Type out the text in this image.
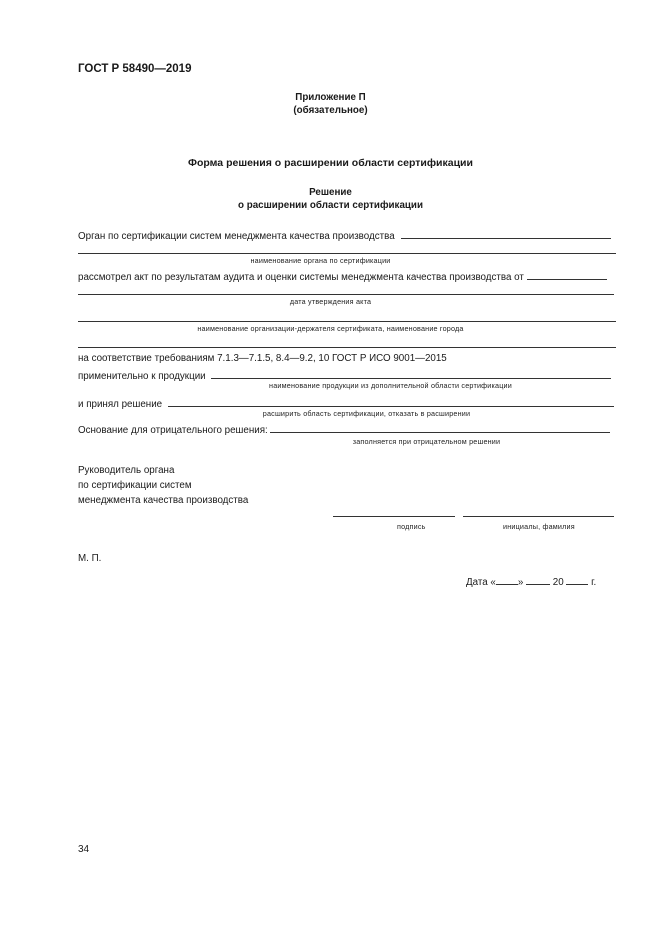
ГОСТ Р 58490—2019
Приложение П
(обязательное)
Форма решения о расширении области сертификации
Решение
о расширении области сертификации
Орган по сертификации систем менеджмента качества производства
наименование органа по сертификации
рассмотрел акт по результатам аудита и оценки системы менеджмента качества производства от
дата утверждения акта
наименование организации-держателя сертификата, наименование города
на соответствие требованиям 7.1.3—7.1.5, 8.4—9.2, 10 ГОСТ Р ИСО 9001—2015
применительно к продукции
наименование продукции из дополнительной области сертификации
и принял решение
расширить область сертификации, отказать в расширении
Основание для отрицательного решения:
заполняется при отрицательном решении
Руководитель органа
по сертификации систем
менеджмента качества производства
подпись	инициалы, фамилия
М. П.
Дата « »	20	г.
34
